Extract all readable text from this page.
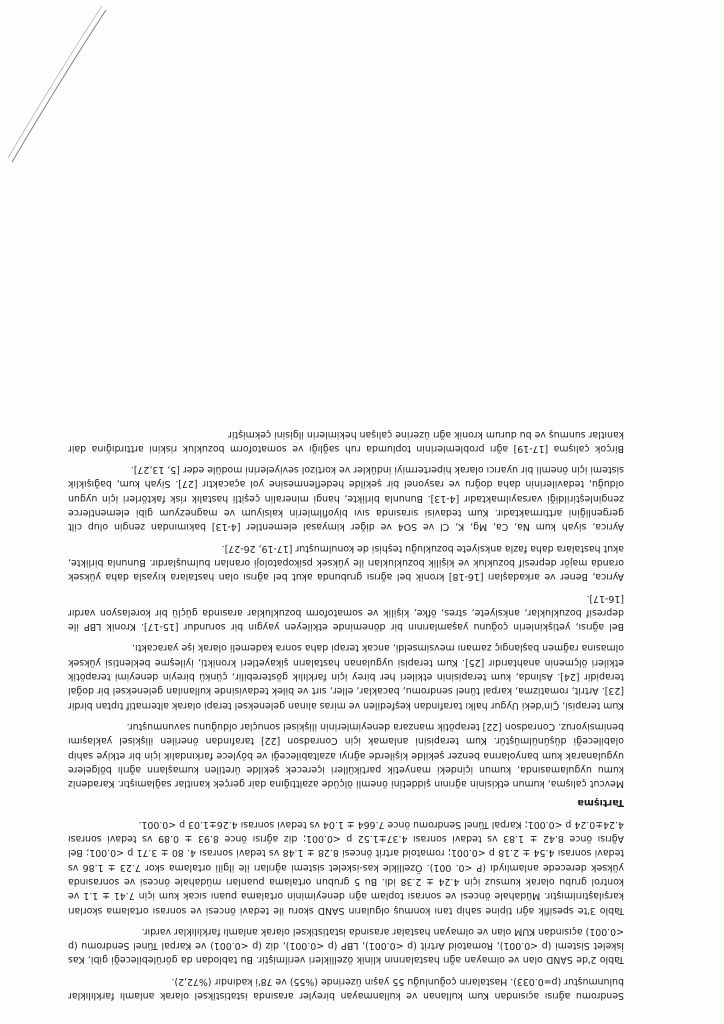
Sendromu ağrısı açısından Kum kullanan ve kullanmayan bireyler arasında istatistiksel olarak anlamlı farklılıklar bulunmuştur (p=0.033). Hastaların çoğunluğu 55 yaşın üzerinde (%55) ve 78'i kadındır (%72,2).

Tablo 2'de SAND olan ve olmayan ağrı hastalarının klinik özellikleri verilmiştir. Bu tablodan da görülebileceği gibi, Kas İskelet Sistemi (p <0.001), Romatoid Artrit (p <0.001), LBP (p <0.001), diz (p <0.001) ve Karpal Tünel Sendromu (p <0.001) açısından KUM olan ve olmayan hastalar arasında istatistiksel olarak anlamlı farklılıklar vardır.

Tablo 3'te spesifik ağrı tipine sahip tanı konmuş olguların SAND skoru ile tedavi öncesi ve sonrası ortalama skorları karşılaştırılmıştır. Müdahale öncesi ve sonrası toplam ağrı deneyiminin ortalama puanı sıcak kum için 7.41 ± 1.1 ve kontrol grubu olarak kumsuz için 4.24 ± 2.38 idi. Bu 5 grubun ortalama puanları müdahale öncesi ve sonrasında yüksek derecede anlamlıydı (P <0. 001). Özellikle kas-iskelet sistemi ağrıları ile ilgili ortalama skor 7.23 ± 1.86 vs tedavi sonrası 4.54 ± 2.18 p <0.001; romatoid artrit öncesi 8.28 ± 1.48 vs tedavi sonrası 4. 80 ± 3.71 p <0.001; Bel Ağrısı önce 8.42 ± 1.83 vs tedavi sonrası 4.37±1.52 p <0.001; diz ağrısı önce 8.93 ± 0.89 vs tedavi sonrası 4.24±0.24 p <0.001; Karpal Tünel Sendromu önce 7.664 ± 1.04 vs tedavi sonrası 4.26±1.03 p <0.001.

Tartışma

Mevcut çalışma, kumun etkisinin ağrının şiddetini önemli ölçüde azalttığına dair gerçek kanıtlar sağlamıştır. Karadeniz kumu uygulamasında, kumun içindeki manyetik partikülleri içerecek şekilde üretilen kumaşların ağrılı bölgelere uygulanarak kum banyolarına benzer şekilde kişilerde ağrıyı azaltabileceği ve böylece farkındalık için bir etkiye sahip olabileceği düşünülmüştür. Kum terapisini anlamak için Conradson [22] tarafından önerilen ilişkisel yaklaşımı benimsiyoruz. Conradson [22] terapötik manzara deneyimlerinin ilişkisel sonuçlar olduğunu savunmuştur.

Kum terapisi, Çin'deki Uygur halkı tarafından keşfedilen ve miras alınan geleneksel terapi olarak alternatif tıptan birdir [23]. Artrit, romatizma, karpal tünel sendromu, bacaklar, eller, sırt ve bilek tedavisinde kullanılan geleneksel bir doğal terapidir [24]. Aslında, kum terapisinin etkileri her birey için farklılık gösterebilir, çünkü bireyin deneyimi terapötik etkileri ölçmenin anahtarıdır [25]. Kum terapisi uygulanan hastaların şikayetleri kronikti, iyileşme beklentisi yüksek olmasına rağmen başlangıç zamanı mevsimseldi, ancak terapi daha sonra kademeli olarak işe yaracaktı.

Bel ağrısı, yetişkinlerin çoğunu yaşamlarının bir döneminde etkileyen yaygın bir sorundur [15-17]. Kronik LBP ile depresif bozukluklar, anksiyete, stres, öfke, kişilik ve somatoform bozukluklar arasında güçlü bir korelasyon vardır [16-17].

Ayrıca, Bener ve arkadaşları [16-18] kronik bel ağrısı grubunda akut bel ağrısı olan hastalara kıyasla daha yüksek oranda majör depresif bozukluk ve kişilik bozuklukları ile yüksek psikopatoloji oranları bulmuşlardır. Bununla birlikte, akut hastalara daha fazla anksiyete bozukluğu teşhisi de konulmuştur [17-19, 26-27].

Ayrıca, siyah kum Na, Ca, Mg, K, Cl ve SO4 ve diğer kimyasal elementler [4-13] bakımından zengin olup cilt gergenliğini arttırmaktadır. Kum tedavisi sırasında sıvı biyofilmlerin kalsiyum ve magnezyum gibi elementlerce zenginleştirildiği varsayılmaktadır [4-13]. Bununla birlikte, hangi mineralin çeşitli hastalık risk faktörleri için uygun olduğu, tedavilerinin daha doğru ve rasyonel bir şekilde hedeflenmesine yol açacaktır [27]. Siyah kum, bağışıklık sistemi için önemli bir uyarıcı olarak hipertermiyi indükler ve kortizol seviyelerini modüle eder [5, 13,27].

Birçok çalışma [17-19] ağrı problemlerinin toplumda ruh sağlığı ve somatoform bozukluk riskini arttırdığına dair kanıtlar sunmuş ve bu durum kronik ağrı üzerine çalışan hekimlerin ilgisini çekmiştir
